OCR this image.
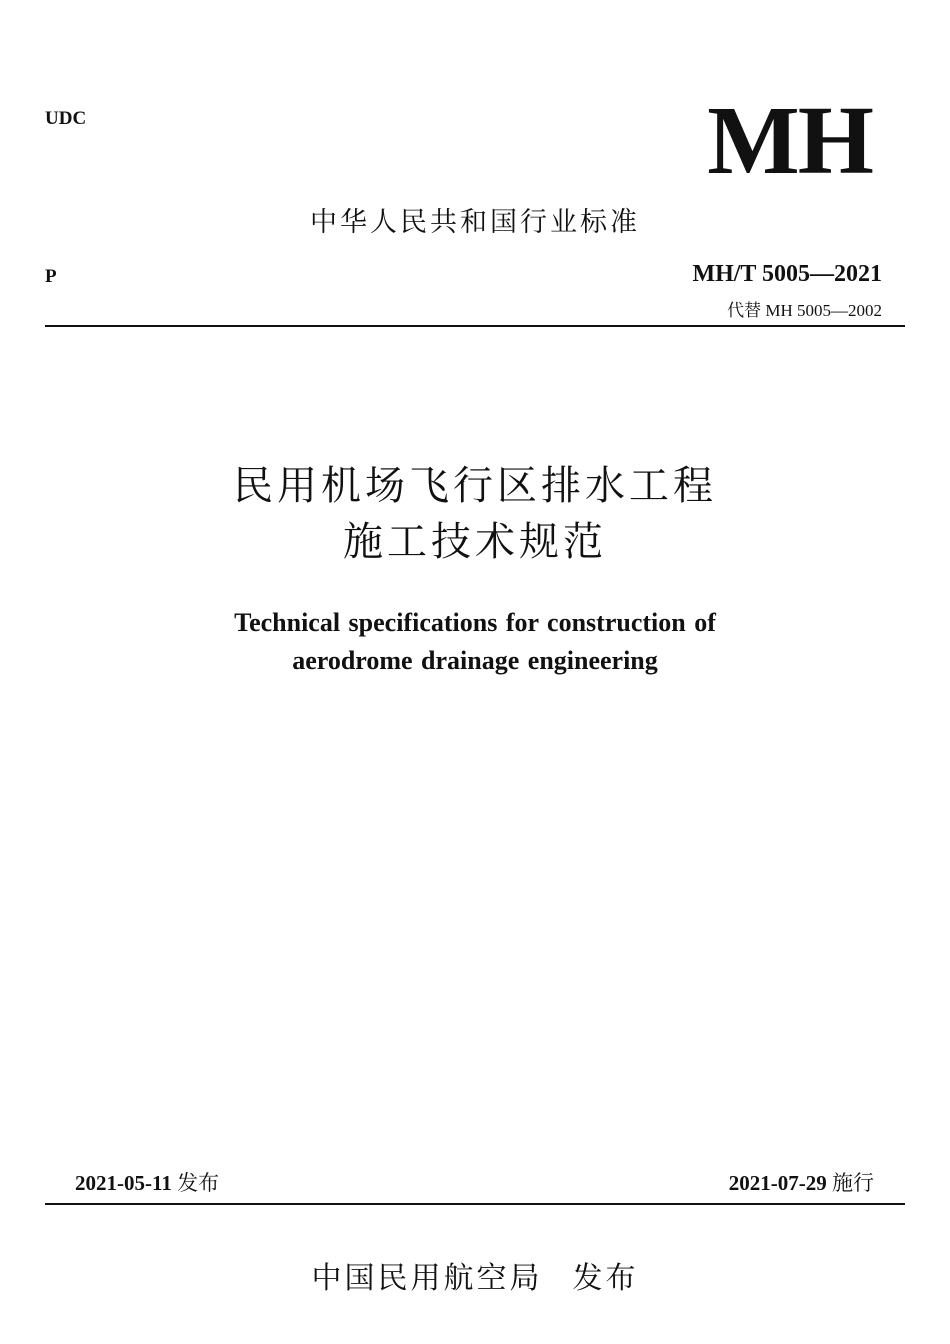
UDC	MH
中华人民共和国行业标准
P	MH/T 5005—2021
代替 MH 5005—2002

民用机场飞行区排水工程

施工技术规范

Technical specifications for construction of

aerodrome drainage engineering

2021-05-11 发布	2021-07-29 施行
中国民用航空局 发布
